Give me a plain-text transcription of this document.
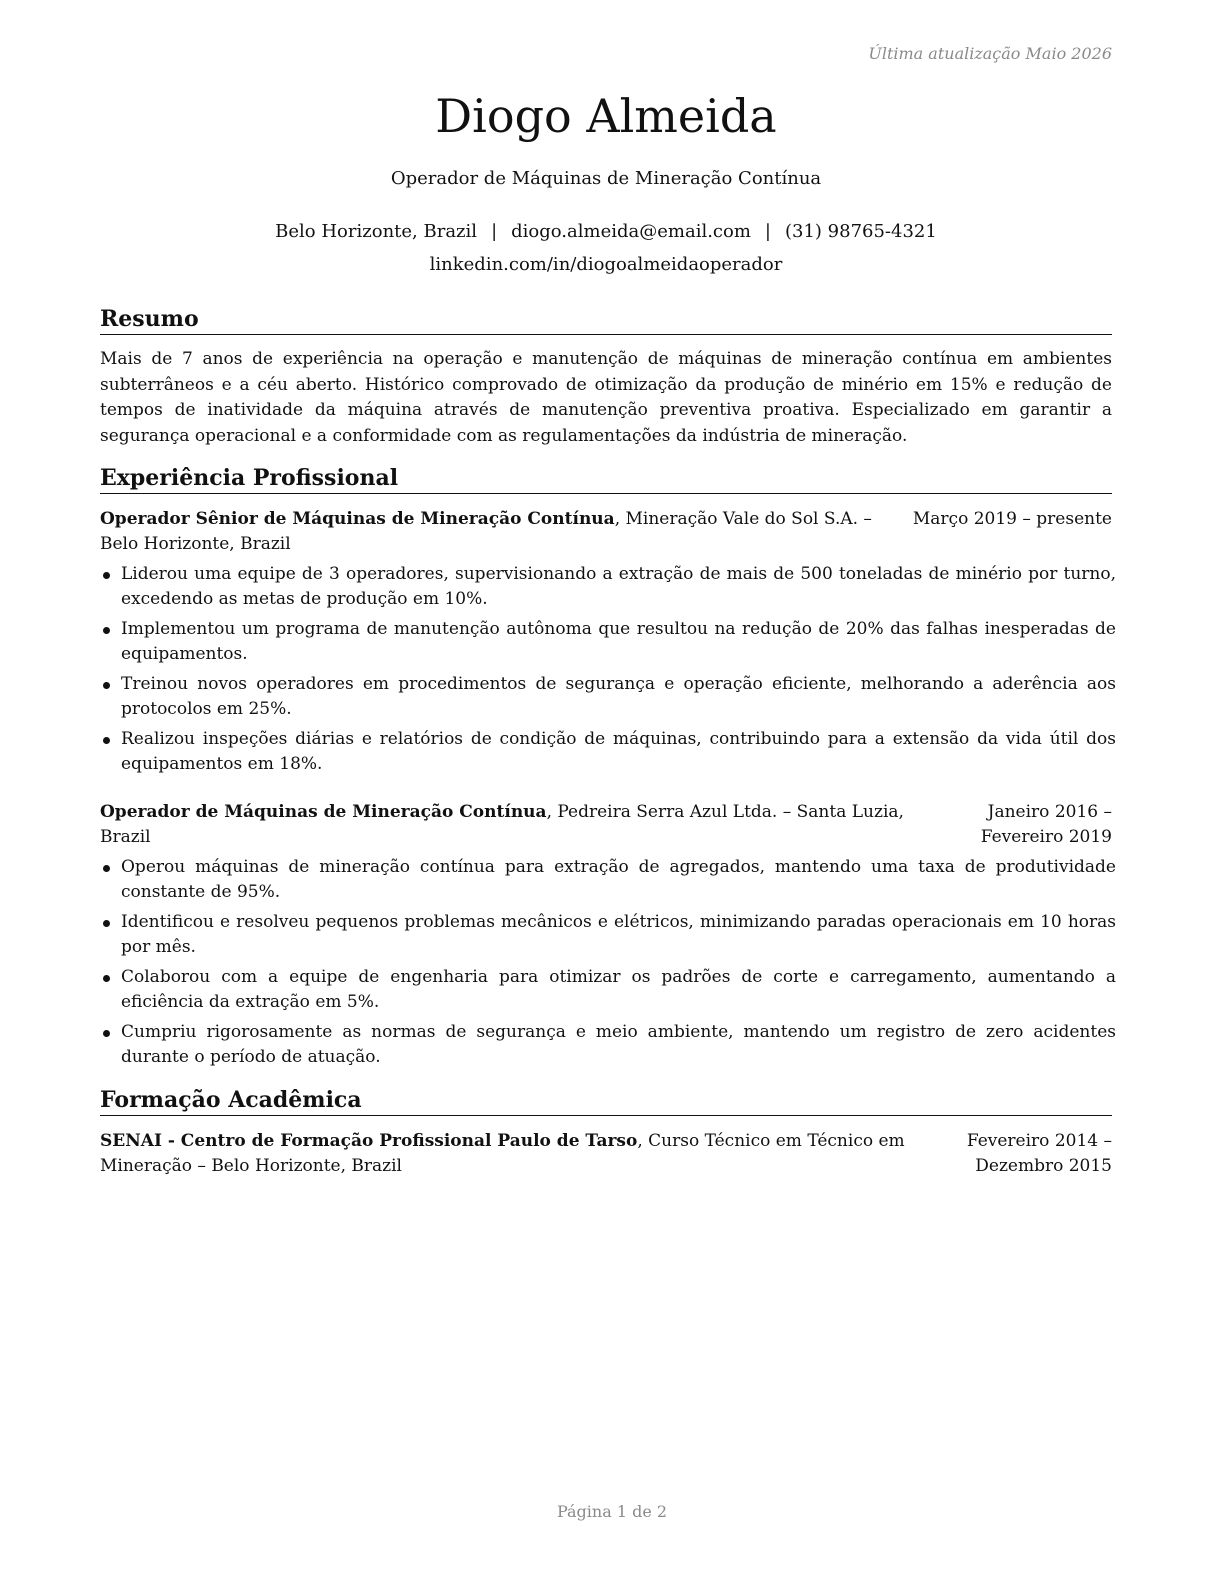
Última atualização Maio 2026
Diogo Almeida
Operador de Máquinas de Mineração Contínua
Belo Horizonte, Brazil | diogo.almeida@email.com | (31) 98765-4321
linkedin.com/in/diogoalmeidaoperador
Resumo
Mais de 7 anos de experiência na operação e manutenção de máquinas de mineração contínua em ambientes subterrâneos e a céu aberto. Histórico comprovado de otimização da produção de minério em 15% e redução de tempos de inatividade da máquina através de manutenção preventiva proativa. Especializado em garantir a segurança operacional e a conformidade com as regulamentações da indústria de mineração.
Experiência Profissional
Operador Sênior de Máquinas de Mineração Contínua, Mineração Vale do Sol S.A. – Belo Horizonte, Brazil
Março 2019 – presente
Liderou uma equipe de 3 operadores, supervisionando a extração de mais de 500 toneladas de minério por turno, excedendo as metas de produção em 10%.
Implementou um programa de manutenção autônoma que resultou na redução de 20% das falhas inesperadas de equipamentos.
Treinou novos operadores em procedimentos de segurança e operação eficiente, melhorando a aderência aos protocolos em 25%.
Realizou inspeções diárias e relatórios de condição de máquinas, contribuindo para a extensão da vida útil dos equipamentos em 18%.
Operador de Máquinas de Mineração Contínua, Pedreira Serra Azul Ltda. – Santa Luzia, Brazil
Janeiro 2016 – Fevereiro 2019
Operou máquinas de mineração contínua para extração de agregados, mantendo uma taxa de produtividade constante de 95%.
Identificou e resolveu pequenos problemas mecânicos e elétricos, minimizando paradas operacionais em 10 horas por mês.
Colaborou com a equipe de engenharia para otimizar os padrões de corte e carregamento, aumentando a eficiência da extração em 5%.
Cumpriu rigorosamente as normas de segurança e meio ambiente, mantendo um registro de zero acidentes durante o período de atuação.
Formação Acadêmica
SENAI - Centro de Formação Profissional Paulo de Tarso, Curso Técnico em Técnico em Mineração – Belo Horizonte, Brazil
Fevereiro 2014 – Dezembro 2015
Página 1 de 2
